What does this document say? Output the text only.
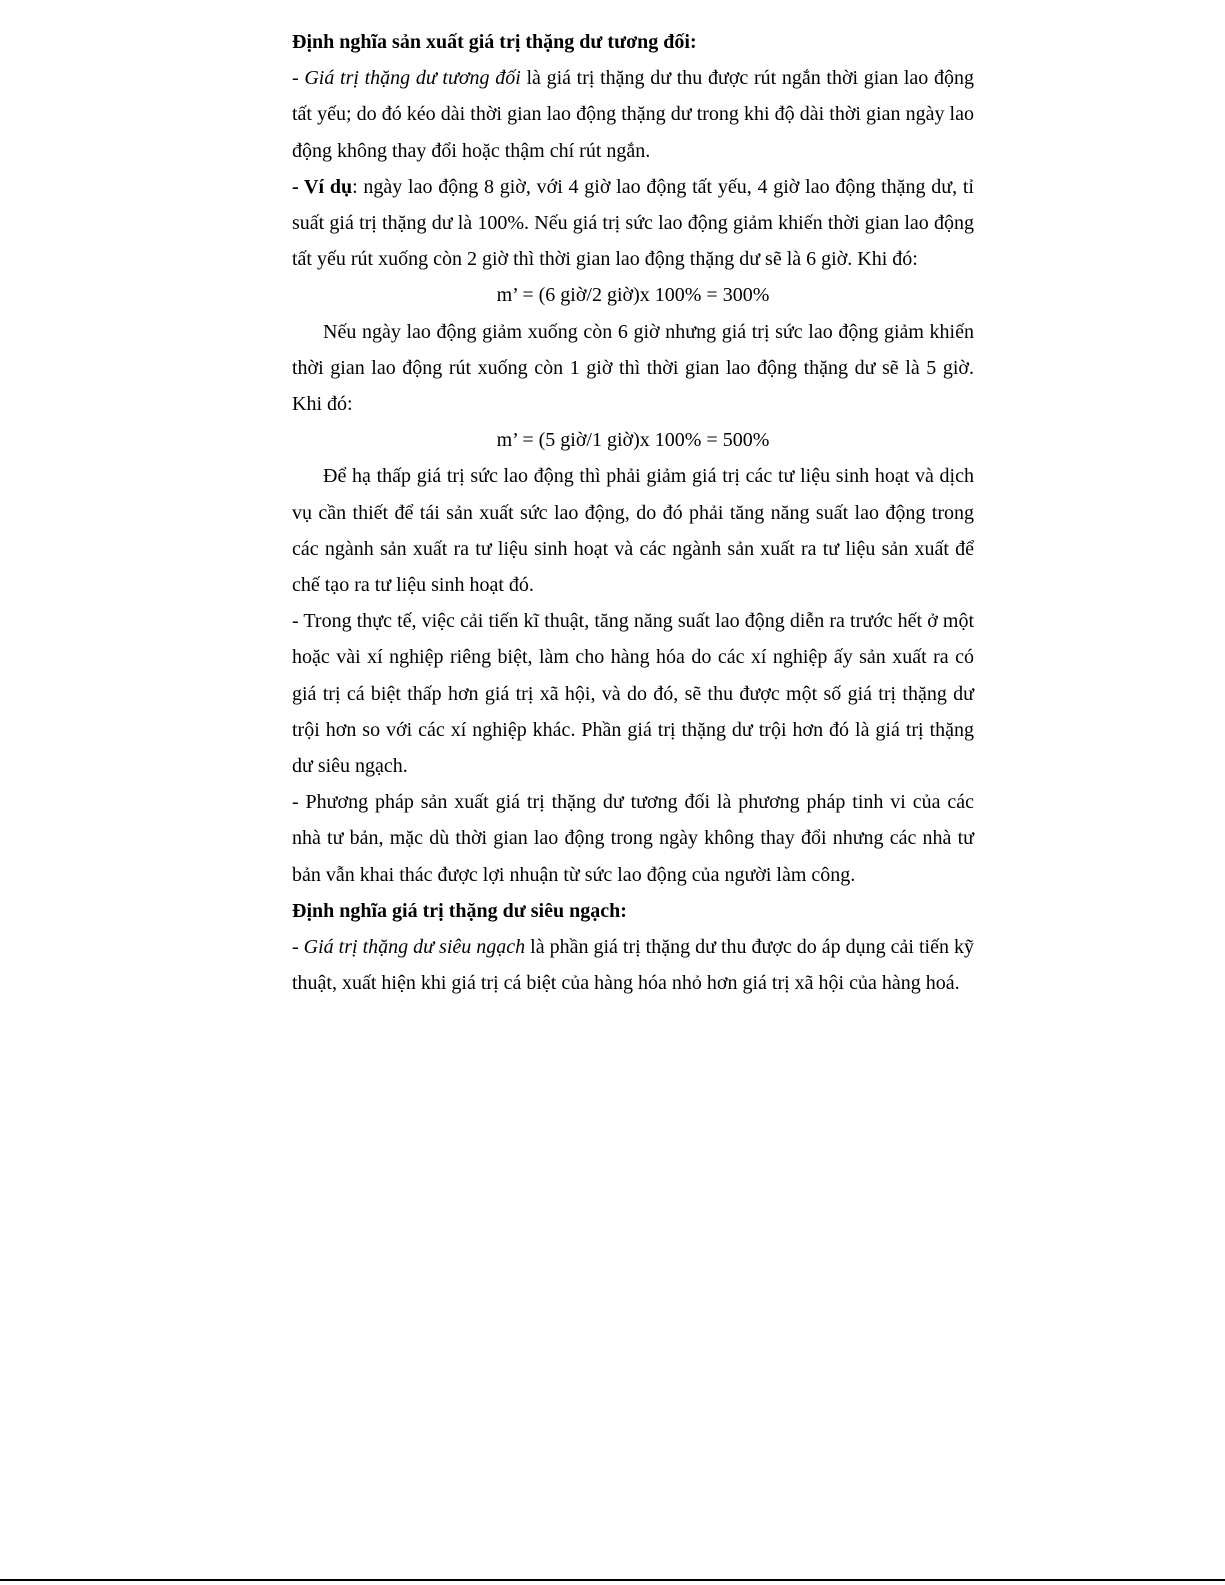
Định nghĩa sản xuất giá trị thặng dư tương đối:

- Giá trị thặng dư tương đối là giá trị thặng dư thu được rút ngắn thời gian lao động tất yếu; do đó kéo dài thời gian lao động thặng dư trong khi độ dài thời gian ngày lao động không thay đổi hoặc thậm chí rút ngắn.

- Ví dụ: ngày lao động 8 giờ, với 4 giờ lao động tất yếu, 4 giờ lao động thặng dư, tỉ suất giá trị thặng dư là 100%. Nếu giá trị sức lao động giảm khiến thời gian lao động tất yếu rút xuống còn 2 giờ thì thời gian lao động thặng dư sẽ là 6 giờ. Khi đó:

m’ = (6 giờ/2 giờ)x 100% = 300%

Nếu ngày lao động giảm xuống còn 6 giờ nhưng giá trị sức lao động giảm khiến thời gian lao động rút xuống còn 1 giờ thì thời gian lao động thặng dư sẽ là 5 giờ. Khi đó:

m’ = (5 giờ/1 giờ)x 100% = 500%

Để hạ thấp giá trị sức lao động thì phải giảm giá trị các tư liệu sinh hoạt và dịch vụ cần thiết để tái sản xuất sức lao động, do đó phải tăng năng suất lao động trong các ngành sản xuất ra tư liệu sinh hoạt và các ngành sản xuất ra tư liệu sản xuất để chế tạo ra tư liệu sinh hoạt đó.

- Trong thực tế, việc cải tiến kĩ thuật, tăng năng suất lao động diễn ra trước hết ở một hoặc vài xí nghiệp riêng biệt, làm cho hàng hóa do các xí nghiệp ấy sản xuất ra có giá trị cá biệt thấp hơn giá trị xã hội, và do đó, sẽ thu được một số giá trị thặng dư trội hơn so với các xí nghiệp khác. Phần giá trị thặng dư trội hơn đó là giá trị thặng dư siêu ngạch.

- Phương pháp sản xuất giá trị thặng dư tương đối là phương pháp tinh vi của các nhà tư bản, mặc dù thời gian lao động trong ngày không thay đổi nhưng các nhà tư bản vẫn khai thác được lợi nhuận từ sức lao động của người làm công.

Định nghĩa giá trị thặng dư siêu ngạch:

- Giá trị thặng dư siêu ngạch là phần giá trị thặng dư thu được do áp dụng cải tiến kỹ thuật, xuất hiện khi giá trị cá biệt của hàng hóa nhỏ hơn giá trị xã hội của hàng hoá.
